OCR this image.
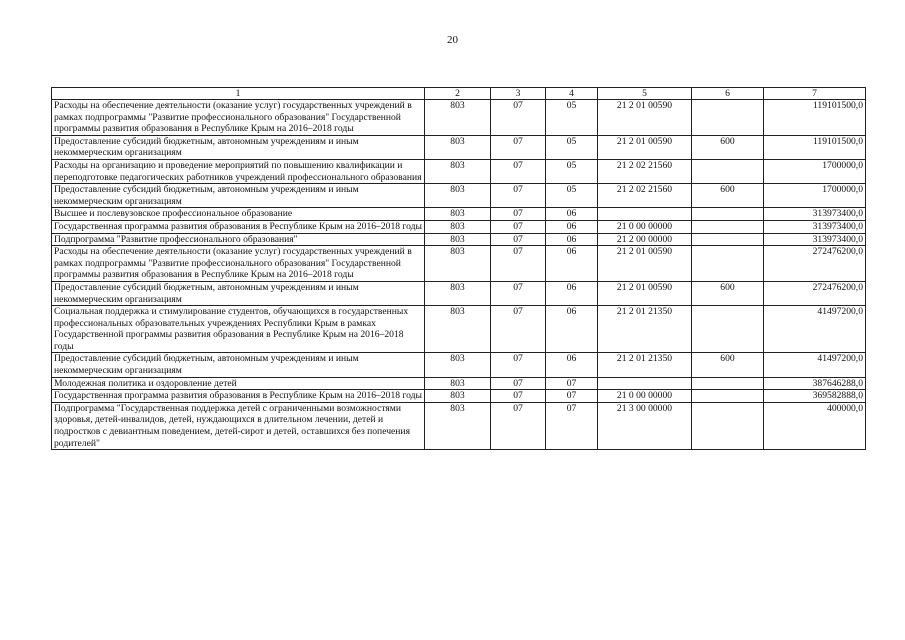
20
1	2	3	4	5	6	7
Расходы на обеспечение деятельности (оказание услуг) государственных учреждений в рамках подпрограммы "Развитие профессионального образования" Государственной программы развития образования в Республике Крым на 2016–2018 годы	803	07	05	21 2 01 00590		119101500,0
Предоставление субсидий бюджетным, автономным учреждениям и иным некоммерческим организациям	803	07	05	21 2 01 00590	600	119101500,0
Расходы на организацию и проведение мероприятий по повышению квалификации и переподготовке педагогических работников учреждений профессионального образования	803	07	05	21 2 02 21560		1700000,0
Предоставление субсидий бюджетным, автономным учреждениям и иным некоммерческим организациям	803	07	05	21 2 02 21560	600	1700000,0
Высшее и послевузовское профессиональное образование	803	07	06			313973400,0
Государственная программа развития образования в Республике Крым на 2016–2018 годы	803	07	06	21 0 00 00000		313973400,0
Подпрограмма "Развитие профессионального образования"	803	07	06	21 2 00 00000		313973400,0
Расходы на обеспечение деятельности (оказание услуг) государственных учреждений в рамках подпрограммы "Развитие профессионального образования" Государственной программы развития образования в Республике Крым на 2016–2018 годы	803	07	06	21 2 01 00590		272476200,0
Предоставление субсидий бюджетным, автономным учреждениям и иным некоммерческим организациям	803	07	06	21 2 01 00590	600	272476200,0
Социальная поддержка и стимулирование студентов, обучающихся в государственных профессиональных образовательных учреждениях Республики Крым в рамках Государственной программы развития образования в Республике Крым на 2016–2018 годы	803	07	06	21 2 01 21350		41497200,0
Предоставление субсидий бюджетным, автономным учреждениям и иным некоммерческим организациям	803	07	06	21 2 01 21350	600	41497200,0
Молодежная политика и оздоровление детей	803	07	07			387646288,0
Государственная программа развития образования в Республике Крым на 2016–2018 годы	803	07	07	21 0 00 00000		369582888,0
Подпрограмма "Государственная поддержка детей с ограниченными возможностями здоровья, детей-инвалидов, детей, нуждающихся в длительном лечении, детей и подростков с девиантным поведением, детей-сирот и детей, оставшихся без попечения родителей"	803	07	07	21 3 00 00000		400000,0
